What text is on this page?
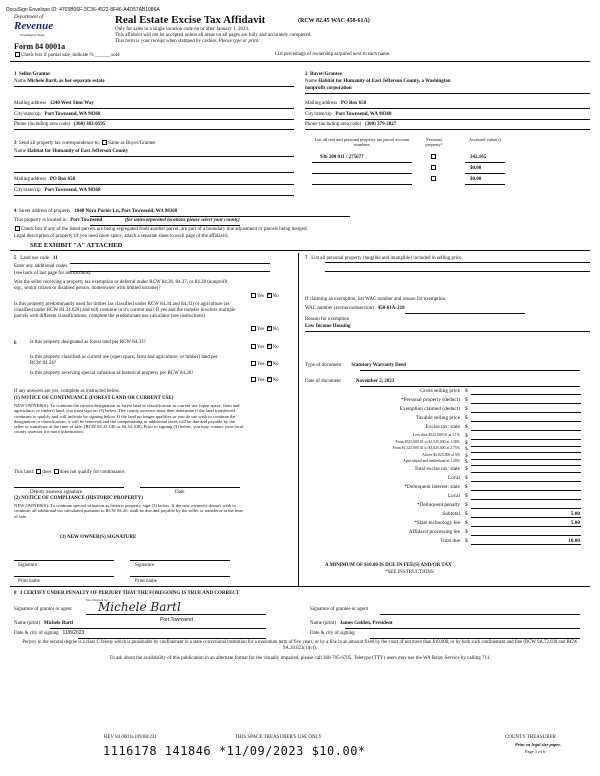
DocuSign Envelope ID: 4703B06F-3C36-4522-8F46-A4D57AB1086A
Department of
Revenue
Washington State
Real Estate Excise Tax Affidavit	(RCW 82.45 WAC 458-61A)
Only for sales in a single location code on or after January 1, 2023.
This affidavit will not be accepted unless all areas on all pages are fully and accurately completed.
This form is your receipt when stamped by cashier. Please type or print.
Form 84 0001a
Check box if partial sale, indicate % ______ sold	List percentage of ownership acquired next to each name.
1 Seller/Grantor
Name Michele Bartl, as her separate estate
Mailing address 1240 West Sims Way
City/state/zip Port Townsend, WA 98368
Phone (including area code) (360) 302-0595
2 Buyer/Grantee
Name Habitat for Humanity of East Jefferson County, a Washington
nonprofit corporation
Mailing address PO Box 658
City/state/zip Port Townsend, WA 98368
Phone (including area code) (360) 379-2827
3 Send all property tax correspondence to: Same as Buyer/Grantee
Name Habitat for Humanity of East Jefferson County
Mailing address PO Box 658
City/state/zip Port Townsend, WA 98368
List all real and personal property tax parcel account numbers
Personal property?
Assessed value(s)
936 200 011 / 275677	342,165
$0.00
$0.00
4 Street address of property 1048 Nora Porter Ln, Port Townsend, WA 98368
This property is located in Port Townsend	(for unincorporated locations please select your county)
Check box if any of the listed parcels are being segregated from another parcel, are part of a boundary line adjustment or parcels being merged.
Legal description of property (if you need more space, attach a separate sheet to each page of the affidavit).
SEE EXHIBIT "A" ATTACHED
5 Land use code 11
Enter any additional codes
(see back of last page for instructions)
Was the seller receiving a property tax exemption or deferral under RCW 84.36, 84.37, or 84.38 (nonprofit org., senior citizen or disabled person, homeowner with limited income)?
Yes × No
Is this property predominantly used for timber (as classified under RCW 84.34 and 84.33) or agriculture (as classified under RCW 84.34.020) and will continue in it's current use? If yes and the transfer involves multiple parcels with different classifications, complete the predominate use calculator (see instructions)
Yes × No
6	Is this property designated as forest land per RCW 84.33?
Yes × No
Is this property classified as current use (open space, farm and agriculture, or timber) land per RCW 84.34?	Yes × No
Is this property receiving special valuation as historical property per RCW 84.26?
Yes × No
If any answers are yes, complete as instructed below.
(1) NOTICE OF CONTINUANCE (FOREST LAND OR CURRENT USE)
NEW OWNER(S): To continue the current designation as forest land or classification as current use (open space, farm and agriculture, or timber) land, you must sign on (3) below. The county assessor must then determine if the land transferred continues to qualify and will indicate by signing below. If the land no longer qualifies or you do not wish to continue the designation or classification, it will be removed and the compensating or additional taxes will be due and payable by the seller or transferor at the time of sale. (RCW 84.33.140 or 84.34.108). Prior to signing (3) below, you may contact your local county assessor for more information.
This land: does does not qualify for continuance.
Deputy assessor signature	Date
(2) NOTICE OF COMPLIANCE (HISTORIC PROPERTY)
NEW OWNER(S): To continue special valuation as historic property, sign (3) below. If the new owner(s) doesn't wish to continue, all additional tax calculated pursuant to RCW 84.26, shall be due and payable by the seller or transferor at the time of sale.
(3) NEW OWNER(S) SIGNATURE
Signature	Signature
Print name	Print name
7 List all personal property (tangible and intangible) included in selling price.
If claiming an exemption, list WAC number and reason for exemption.
WAC number (section/subsection) 458-61A-218
Reason for exemption
Low Income Housing
Type of document Statutory Warranty Deed
Date of document	November 2, 2023
Gross selling price $
*Personal property (deduct) $
Exemption claimed (deduct) $
Taxable selling price $
Excise tax: state $
Less than $525,000.01 at 1.1% $
From $525,000.01 to $1,525,000 at 1.28% $
From $1,525,000.01 to $3,025,000 at 2.75% $
Above $3,025,000 at 3% $
Agricultural and timberland at 1.28% $
Total excise tax: state $
Local $
*Delinquent interest: state $
Local $
*Delinquent penalty $
Subtotal $	5.00
*State technology fee $	5.00
Affidavit processing fee $
Total due $	10.00
A MINIMUM OF $10.00 IS DUE IN FEE(S) AND/OR TAX
*SEE INSTRUCTIONS
8 I CERTIFY UNDER PENALTY OF PERJURY THAT THE FOREGOING IS TRUE AND CORRECT
Signature of grantor or agent
DocuSigned by:
Michele Bartl	Signature of grantee or agent
Name (print) Michele Bartl	Name (print) James Golden, President
Port Townsend
Date & city of signing 11/8/2023	Date & city of signing
Perjury in the second degree is a class C felony which is punishable by confinement in a state correctional institution for a maximum term of five years, or by a fine in an amount fixed by the court of not more than $10,000, or by both such confinement and fine (RCW 9A.72.030 and RCW 9A.20.021(1)(c)).
To ask about the availability of this publication in an alternate format for the visually impaired, please call 360-705-6705. Teletype (TTY) users may use the WA Relay Service by calling 711.
REV 84 0001a (09/08/22)	THIS SPACE TREASURER'S USE ONLY	COUNTY TREASURER
Print on legal size paper.
Page 1 of 6
1116178 141846 *11/09/2023 $10.00*
